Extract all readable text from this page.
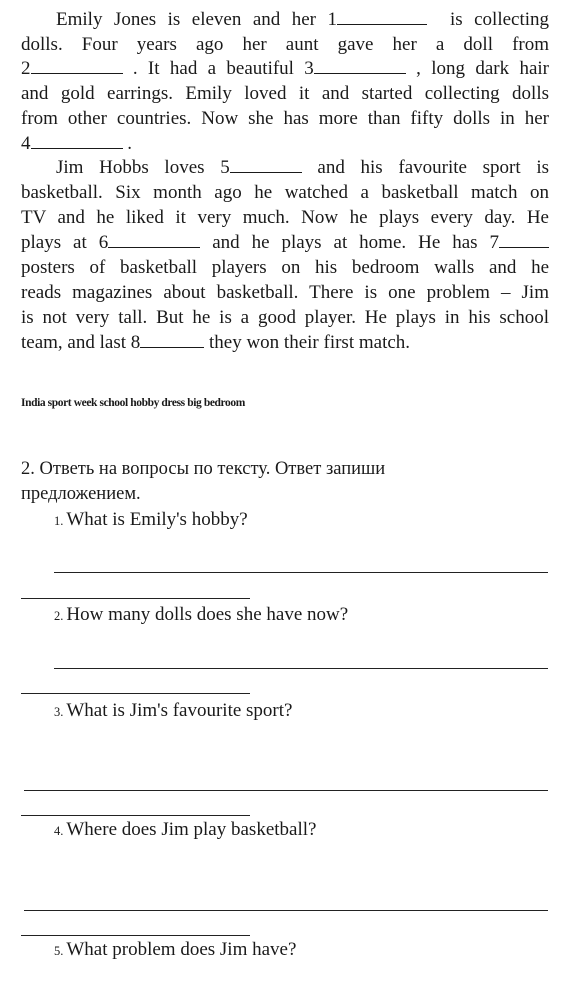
Emily Jones is eleven and her 1	is collecting
dolls. Four years ago her aunt gave her a doll from
2	. It had a beautiful 3	, long dark hair
and gold earrings. Emily loved it and started collecting dolls
from other countries. Now she has more than fifty dolls in her
4	.
Jim Hobbs loves 5	and his favourite sport is
basketball. Six month ago he watched a basketball match on
TV and he liked it very much. Now he plays every day. He
plays at 6	and he plays at home. He has 7
posters of basketball players on his bedroom walls and he
reads magazines about basketball. There is one problem – Jim
is not very tall. But he is a good player. He plays in his school
team, and last 8	they won their first match.
India sport week school hobby dress big bedroom
2. Ответь на вопросы по тексту. Ответ запиши
предложением.
1. What is Emily's hobby?
2. How many dolls does she have now?
3. What is Jim's favourite sport?
4. Where does Jim play basketball?
5. What problem does Jim have?
